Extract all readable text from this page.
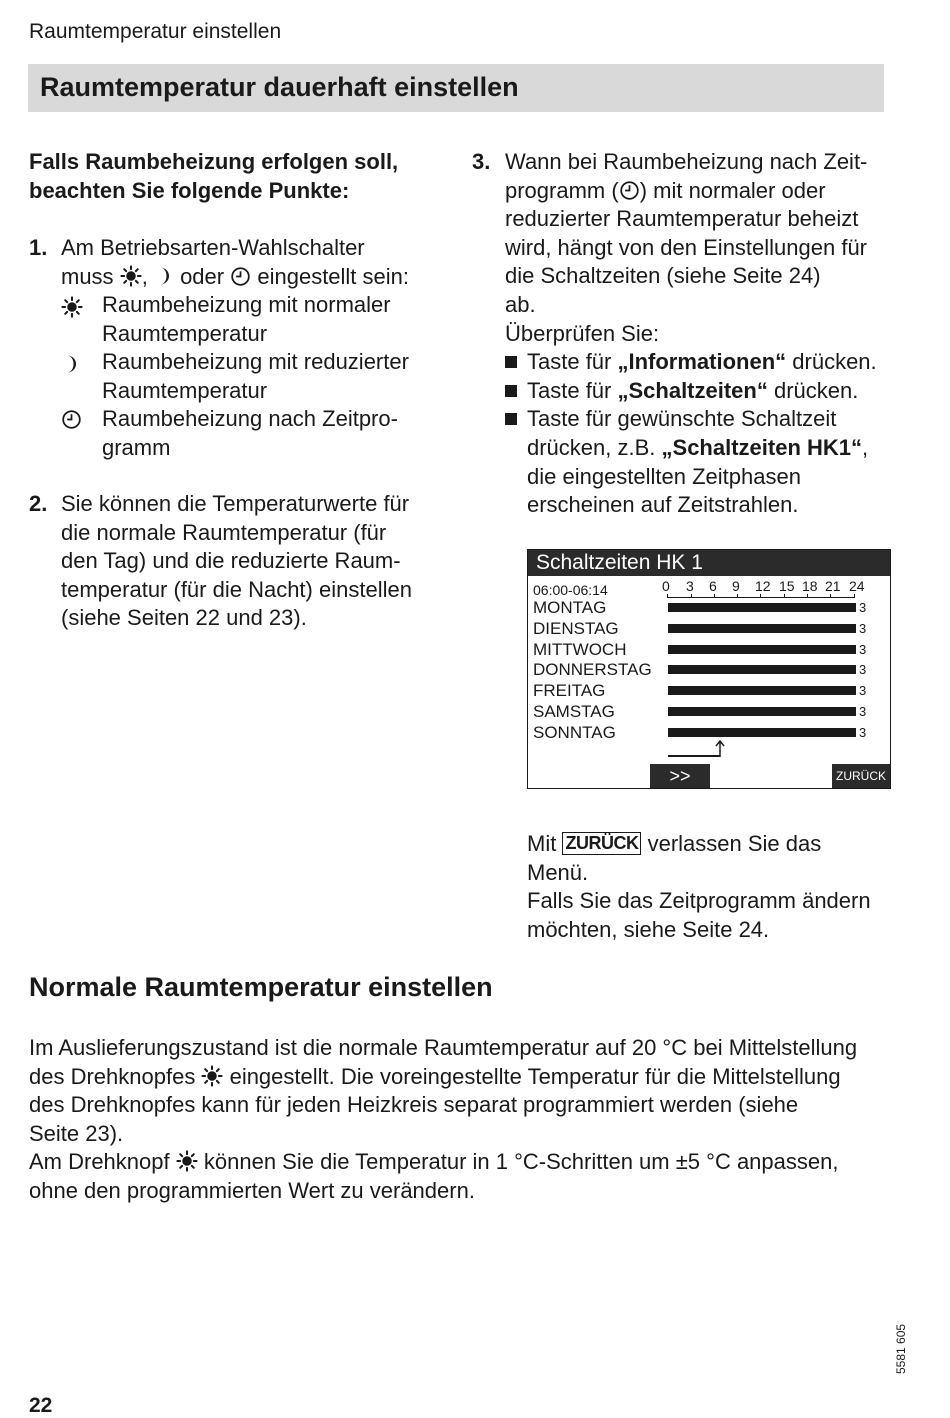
Raumtemperatur einstellen
Raumtemperatur dauerhaft einstellen
Falls Raumbeheizung erfolgen soll,
beachten Sie folgende Punkte:
1. Am Betriebsarten-Wahlschalter
muss , oder eingestellt sein:
Raumbeheizung mit normaler
Raumtemperatur
Raumbeheizung mit reduzierter
Raumtemperatur
Raumbeheizung nach Zeitpro-
gramm
2. Sie können die Temperaturwerte für
die normale Raumtemperatur (für
den Tag) und die reduzierte Raum-
temperatur (für die Nacht) einstellen
(siehe Seiten 22 und 23).
3. Wann bei Raumbeheizung nach Zeit-
programm ( ) mit normaler oder
reduzierter Raumtemperatur beheizt
wird, hängt von den Einstellungen für
die Schaltzeiten (siehe Seite 24)
ab.
Überprüfen Sie:
Taste für „Informationen“ drücken.
Taste für „Schaltzeiten“ drücken.
Taste für gewünschte Schaltzeit
drücken, z.B. „Schaltzeiten HK1“,
die eingestellten Zeitphasen
erscheinen auf Zeitstrahlen.
Schaltzeiten HK 1
06:00-06:14	0 3 6 9 12 15 18 21 24
MONTAG	3
DIENSTAG	3
MITTWOCH	3
DONNERSTAG	3
FREITAG	3
SAMSTAG	3
SONNTAG	3
>>	ZURÜCK
Mit ZURÜCK verlassen Sie das
Menü.
Falls Sie das Zeitprogramm ändern
möchten, siehe Seite 24.
Normale Raumtemperatur einstellen
Im Auslieferungszustand ist die normale Raumtemperatur auf 20 °C bei Mittelstellung
des Drehknopfes eingestellt. Die voreingestellte Temperatur für die Mittelstellung
des Drehknopfes kann für jeden Heizkreis separat programmiert werden (siehe
Seite 23).
Am Drehknopf können Sie die Temperatur in 1 °C-Schritten um ±5 °C anpassen,
ohne den programmierten Wert zu verändern.
5581 605
22
